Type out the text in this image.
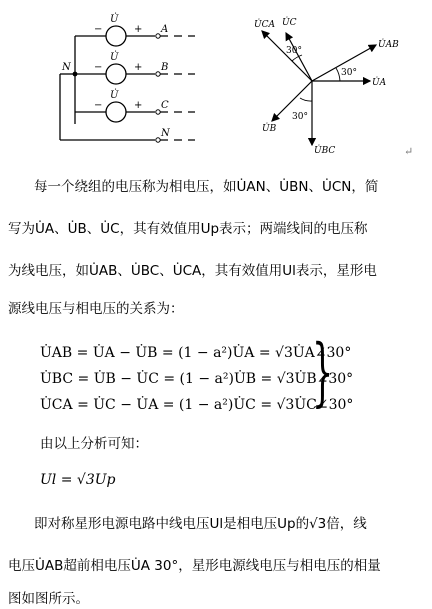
−	+
−	+
−	+
U̇
U̇
U̇
A
B
C
N
N	30°
30°
30°
U̇A
U̇AB
U̇B
U̇BC
U̇C
U̇CA
↵
每一个绕组的电压称为相电压，如U̇AN、U̇BN、U̇CN，简
写为U̇A、U̇B、U̇C，其有效值用Up表示；两端线间的电压称
为线电压，如U̇AB、U̇BC、U̇CA，其有效值用Ul表示，星形电
源线电压与相电压的关系为：
U̇AB = U̇A − U̇B = (1 − a²)U̇A = √3U̇A∠30°
U̇BC = U̇B − U̇C = (1 − a²)U̇B = √3U̇B∠30°
U̇CA = U̇C − U̇A = (1 − a²)U̇C = √3U̇C∠30°
}
由以上分析可知：
Ul = √3Up
即对称星形电源电路中线电压Ul是相电压Up的√3倍，线
电压U̇AB超前相电压U̇A 30°，星形电源线电压与相电压的相量
图如图所示。
